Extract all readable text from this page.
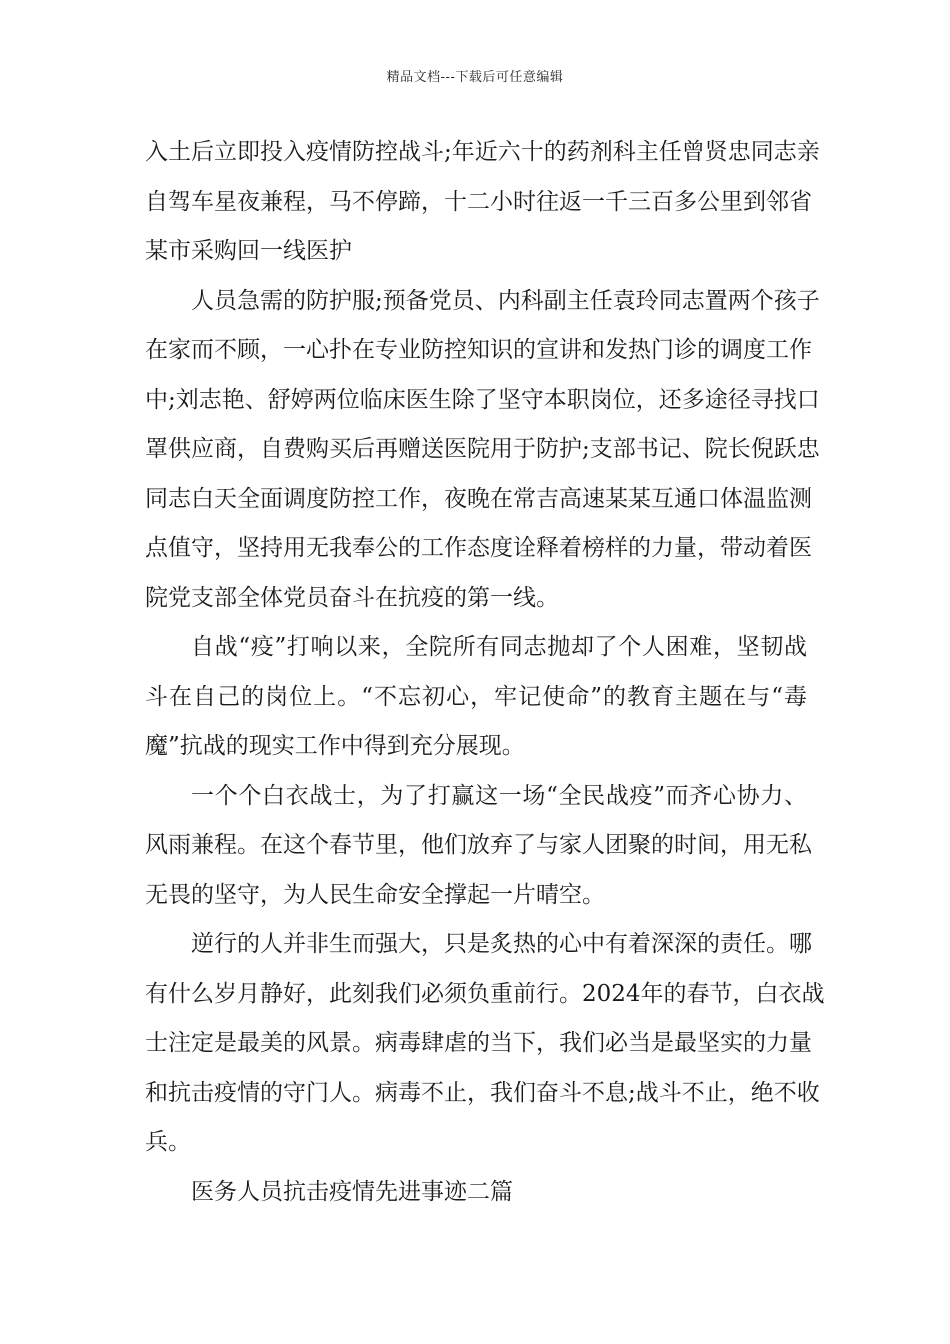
精品文档---下载后可任意编辑
入土后立即投入疫情防控战斗;年近六十的药剂科主任曾贤忠同志亲
自驾车星夜兼程，马不停蹄，十二小时往返一千三百多公里到邻省
某市采购回一线医护
人员急需的防护服;预备党员、内科副主任袁玲同志置两个孩子
在家而不顾，一心扑在专业防控知识的宣讲和发热门诊的调度工作
中;刘志艳、舒婷两位临床医生除了坚守本职岗位，还多途径寻找口
罩供应商，自费购买后再赠送医院用于防护;支部书记、院长倪跃忠
同志白天全面调度防控工作，夜晚在常吉高速某某互通口体温监测
点值守，坚持用无我奉公的工作态度诠释着榜样的力量，带动着医
院党支部全体党员奋斗在抗疫的第一线。
自战“疫”打响以来，全院所有同志抛却了个人困难，坚韧战
斗在自己的岗位上。“不忘初心，牢记使命”的教育主题在与“毒
魔”抗战的现实工作中得到充分展现。
一个个白衣战士，为了打赢这一场“全民战疫”而齐心协力、
风雨兼程。在这个春节里，他们放弃了与家人团聚的时间，用无私
无畏的坚守，为人民生命安全撑起一片晴空。
逆行的人并非生而强大，只是炙热的心中有着深深的责任。哪
有什么岁月静好，此刻我们必须负重前行。2024年的春节，白衣战
士注定是最美的风景。病毒肆虐的当下，我们必当是最坚实的力量
和抗击疫情的守门人。病毒不止，我们奋斗不息;战斗不止，绝不收
兵。
医务人员抗击疫情先进事迹二篇
